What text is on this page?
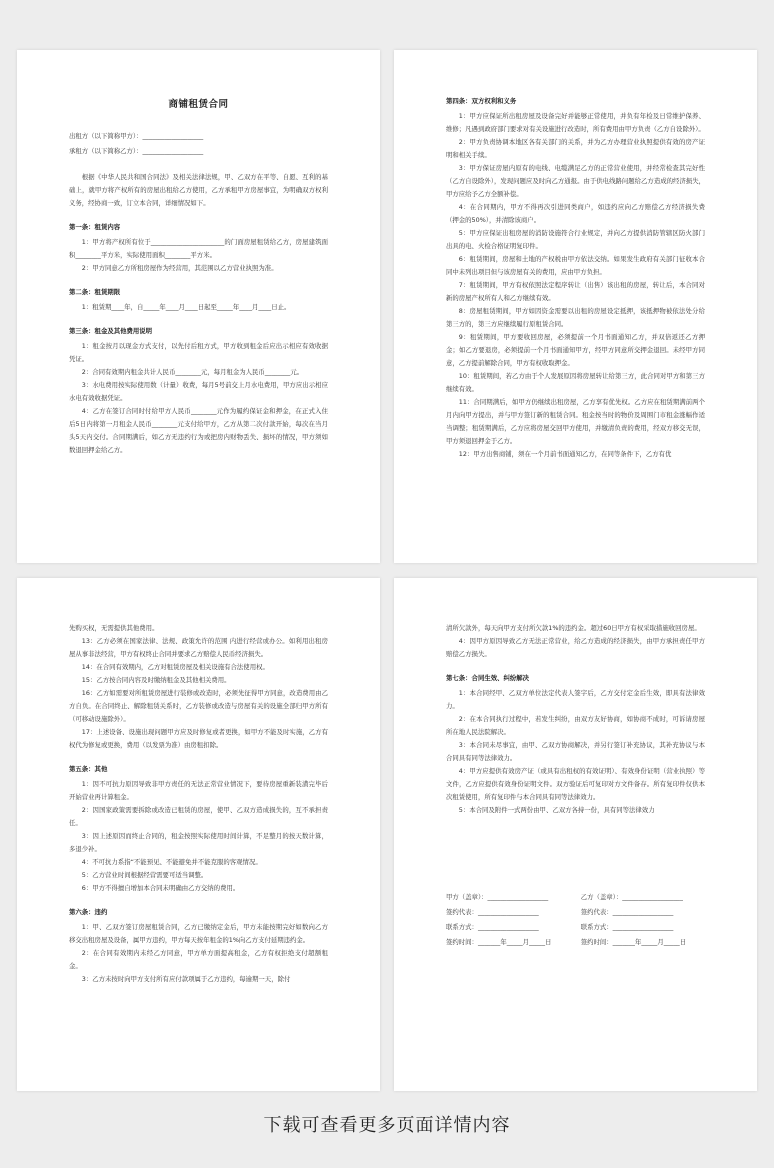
商铺租赁合同

出租方（以下简称甲方）：___________________

承租方（以下简称乙方）：___________________

根据《中华人民共和国合同法》及相关法律法规，甲、乙双方在平等、自愿、互利的基础上，就甲方将产权所有的房屋出租给乙方使用，乙方承租甲方房屋事宜，为明确双方权利义务，经协商一致，订立本合同，详细情况如下。

第一条：租赁内容

1：甲方将产权所有位于_______________________的门面房屋租赁给乙方，房屋建筑面积________平方米，实际使用面积________平方米。

2：甲方同意乙方所租房屋作为经营用，其范围以乙方营业执照为准。

第二条：租赁期限

1：租赁期____年，自_____年____月____日起至_____年____月____日止。

第三条：租金及其他费用说明

1：租金按月以现金方式支付，以先付后租方式，甲方收到租金后应出示相应有效收据凭证。

2：合同有效期内租金共计人民币________元，每月租金为人民币________元。

3：水电费用按实际使用数（计量）收费，每月5号前交上月水电费用，甲方应出示相应水电有效收据凭证。

4：乙方在签订合同时付给甲方人民币________元作为履约保证金和押金，在正式入住后5日内将第一月租金人民币________元支付给甲方，乙方从第二次付款开始，每次在当月头5天内交付。合同期满后，如乙方无违约行为或把房内财物丢失、损坏的情况，甲方须如数退回押金给乙方。

第四条：双方权利和义务

1：甲方应保证所出租房屋及设备完好并能够正常使用，并负有年检及日常维护保养、维修；凡遇到政府部门要求对有关设施进行改造时，所有费用由甲方负责（乙方自设除外）。

2：甲方负责协调本地区各有关部门的关系，并为乙方办理营业执照提供有效的房产证明和相关手续。

3：甲方保证房屋内原有的电线、电缆满足乙方的正常营业使用，并经常检查其完好性（乙方自设除外），发现问题应及时向乙方通报。由于供电线路问题给乙方造成的经济损失，甲方应给予乙方全额补偿。

4：在合同期内，甲方不得再次引进同类商户，如违约应向乙方赔偿乙方经济损失费（押金的50%），并清除该商户。

5：甲方应保证出租房屋的消防设施符合行业规定，并向乙方提供消防管辖区防火部门出具的电、火检合格证明复印件。

6：租赁期间，房屋和土地的产权税由甲方依法交纳。如果发生政府有关部门征收本合同中未列出项目但与该房屋有关的费用，应由甲方负担。

7：租赁期间，甲方有权依照法定程序转让（出售）该出租的房屋，转让后，本合同对新的房屋产权所有人和乙方继续有效。

8：房屋租赁期间，甲方如因资金需要以出租的房屋设定抵押，该抵押物被依法处分给第三方的，第三方应继续履行原租赁合同。

9：租赁期间，甲方要收回房屋，必须提前一个月书面通知乙方，并双倍返还乙方押金；如乙方要退房，必须提前一个月书面通知甲方，经甲方同意所交押金退回。未经甲方同意，乙方提前解除合同，甲方有权收取押金。

10：租赁期间，若乙方由于个人发展原因将房屋转让给第三方，此合同对甲方和第三方继续有效。

11：合同期满后，如甲方仍继续出租房屋，乙方享有优先权。乙方应在租赁期满前两个月内向甲方提出，并与甲方签订新的租赁合同。租金按当时的物价及周围门市租金涨幅作适当调整；租赁期满后，乙方应将房屋交回甲方使用，并缴清负责的费用，经双方移交无误，甲方须退回押金于乙方。

12：甲方出售商铺，须在一个月前书面通知乙方，在同等条件下，乙方有优

先购买权，无需提供其他费用。

13：乙方必须在国家法律、法规、政策允许的范围 内进行经营或办公。如利用出租房屋从事非法经营，甲方有权终止合同并要求乙方赔偿人民币经济损失。

14：在合同有效期内，乙方对租赁房屋及相关设施有合法使用权。

15：乙方按合同内容及时缴纳租金及其他相关费用。

16：乙方如需要对所租赁房屋进行装修或改造时，必须先征得甲方同意，改造费用由乙方自负。在合同终止、解除租赁关系时，乙方装修或改造与房屋有关的设施全部归甲方所有（可移动设施除外）。

17：上述设备、设施出现问题甲方应及时修复或者更换，如甲方不能及时实施，乙方有权代为修复或更换，费用（以发票为准）由房租扣除。

第五条：其他

1：因不可抗力原因导致非甲方责任的无法正常营业情况下，要待房屋重新装潢完毕后开始营业再计算租金。

2：因国家政策需要拆除或改造已租赁的房屋，使甲、乙双方造成损失的，互不承担责任。

3：因上述原因而终止合同的，租金按照实际使用时间计算，不足整月的按天数计算，多退少补。

4：不可抗力系指“不能预见、不能避免并不能克服的客观情况。

5：乙方营业时间根据经营需要可适当调整。

6：甲方不得擅自增加本合同未明确由乙方交纳的费用。

第六条：违约

1：甲、乙双方签订房屋租赁合同，乙方已缴纳定金后，甲方未能按期完好如数向乙方移交出租房屋及设备，属甲方违约，甲方每天按年租金的1%向乙方支付延期违约金。

2：在合同有效期内未经乙方同意，甲方单方面提高租金，乙方有权拒绝支付超额租金。

3：乙方未按时向甲方支付所有应付款项属于乙方违约，每逾期一天，除付

清所欠款外，每天向甲方支付所欠款1%的违约金。超过60日甲方有权采取措施收回房屋。

4：因甲方原因导致乙方无法正常营业，给乙方造成的经济损失，由甲方承担责任甲方赔偿乙方损失。

第七条：合同生效、纠纷解决

1：本合同经甲、乙双方单位法定代表人签字后，乙方交付定金后生效，即具有法律效力。

2：在本合同执行过程中，若发生纠纷，由双方友好协商，如协商不成时，可诉请房屋所在地人民法院解决。

3：本合同未尽事宜，由甲、乙双方协商解决，并另行签订补充协议，其补充协议与本合同具有同等法律效力。

4：甲方应提供有效房产证（或具有出租权的有效证明）、有效身份证明（营业执照）等文件，乙方应提供有效身份证明文件。双方验证后可复印对方文件备存。所有复印件仅供本次租赁使用，所有复印件与本合同具有同等法律效力。

5：本合同及附件一式两份由甲、乙双方各持一份，具有同等法律效力

甲方（盖章）：___________________	乙方（盖章）：___________________
签约代表：___________________	签约代表：___________________
联系方式：___________________	联系方式：___________________
签约时间：_______年_____月_____日	签约时间：_______年_____月_____日
下载可查看更多页面详情内容
